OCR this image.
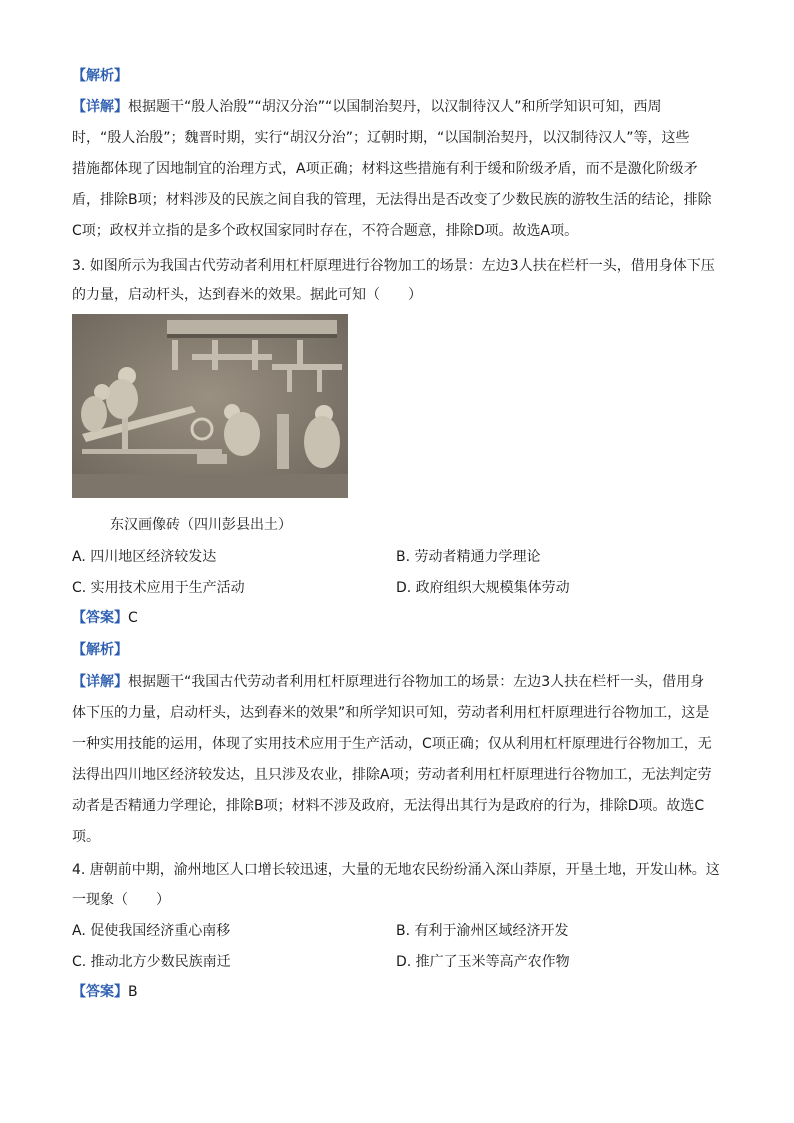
【解析】
【详解】根据题干“殷人治殷”“胡汉分治”“以国制治契丹，以汉制待汉人”和所学知识可知，西周
时，“殷人治殷”；魏晋时期，实行“胡汉分治”；辽朝时期，“以国制治契丹，以汉制待汉人”等，这些
措施都体现了因地制宜的治理方式，A项正确；材料这些措施有利于缓和阶级矛盾，而不是激化阶级矛
盾，排除B项；材料涉及的民族之间自我的管理，无法得出是否改变了少数民族的游牧生活的结论，排除
C项；政权并立指的是多个政权国家同时存在，不符合题意，排除D项。故选A项。
3. 如图所示为我国古代劳动者利用杠杆原理进行谷物加工的场景：左边3人扶在栏杆一头，借用身体下压
的力量，启动杆头，达到舂米的效果。据此可知（　　）
东汉画像砖（四川彭县出土）
A. 四川地区经济较发达	B. 劳动者精通力学理论
C. 实用技术应用于生产活动	D. 政府组织大规模集体劳动
【答案】C
【解析】
【详解】根据题干“我国古代劳动者利用杠杆原理进行谷物加工的场景：左边3人扶在栏杆一头，借用身
体下压的力量，启动杆头，达到舂米的效果”和所学知识可知，劳动者利用杠杆原理进行谷物加工，这是
一种实用技能的运用，体现了实用技术应用于生产活动，C项正确；仅从利用杠杆原理进行谷物加工，无
法得出四川地区经济较发达，且只涉及农业，排除A项；劳动者利用杠杆原理进行谷物加工，无法判定劳
动者是否精通力学理论，排除B项；材料不涉及政府，无法得出其行为是政府的行为，排除D项。故选C
项。
4. 唐朝前中期，渝州地区人口增长较迅速，大量的无地农民纷纷涌入深山莽原，开垦土地，开发山林。这
一现象（　　）
A. 促使我国经济重心南移	B. 有利于渝州区域经济开发
C. 推动北方少数民族南迁	D. 推广了玉米等高产农作物
【答案】B
